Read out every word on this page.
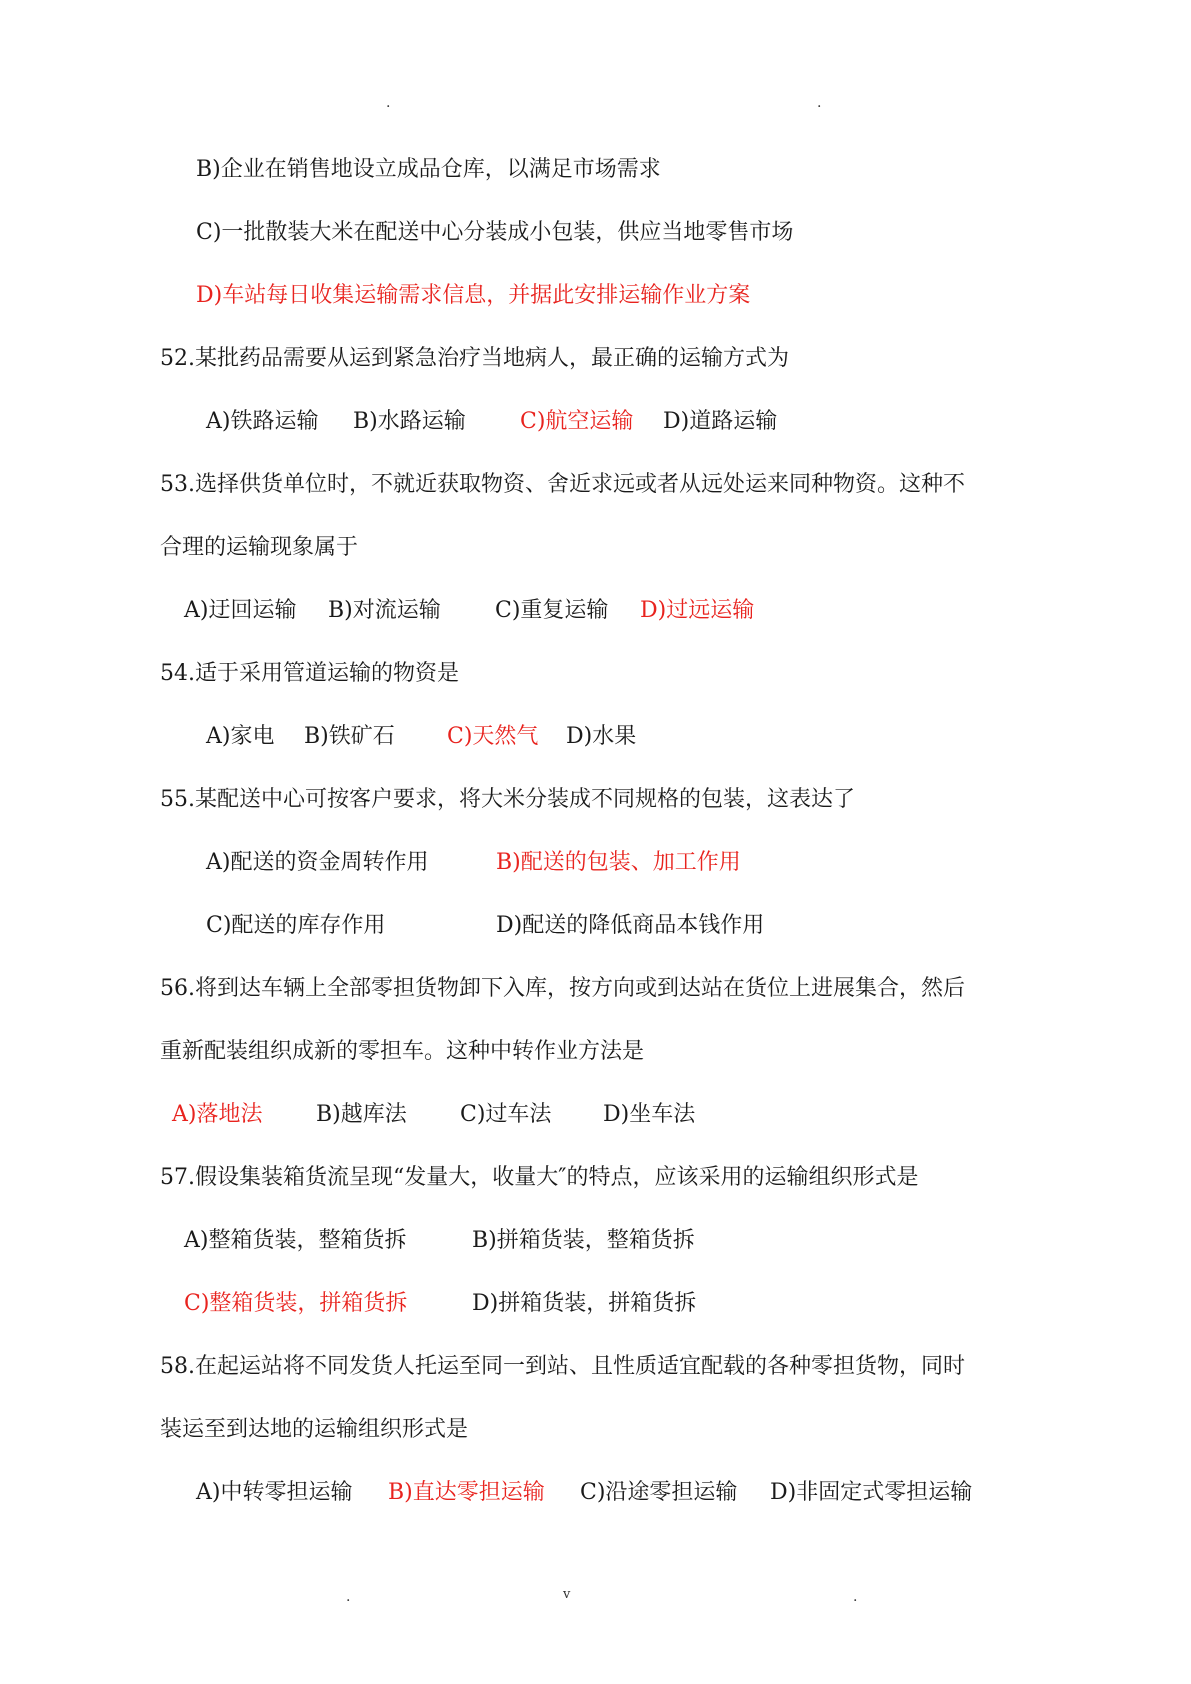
.	.
B)企业在销售地设立成品仓库，以满足市场需求
C)一批散装大米在配送中心分装成小包装，供应当地零售市场
D)车站每日收集运输需求信息，并据此安排运输作业方案
52.某批药品需要从运到紧急治疗当地病人，最正确的运输方式为
A)铁路运输 B)水路运输 C)航空运输 D)道路运输
53.选择供货单位时，不就近获取物资、舍近求远或者从远处运来同种物资。这种不
合理的运输现象属于
A)迂回运输 B)对流运输 C)重复运输 D)过远运输
54.适于采用管道运输的物资是
A)家电 B)铁矿石 C)天然气 D)水果
55.某配送中心可按客户要求，将大米分装成不同规格的包装，这表达了
A)配送的资金周转作用	B)配送的包装、加工作用
C)配送的库存作用	D)配送的降低商品本钱作用
56.将到达车辆上全部零担货物卸下入库，按方向或到达站在货位上进展集合，然后
重新配装组织成新的零担车。这种中转作业方法是
A)落地法 B)越库法 C)过车法 D)坐车法
57.假设集装箱货流呈现“发量大，收量大″的特点，应该采用的运输组织形式是
A)整箱货装，整箱货拆	B)拼箱货装，整箱货拆
C)整箱货装，拼箱货拆	D)拼箱货装，拼箱货拆
58.在起运站将不同发货人托运至同一到站、且性质适宜配载的各种零担货物，同时
装运至到达地的运输组织形式是
A)中转零担运输 B)直达零担运输 C)沿途零担运输 D)非固定式零担运输
.	v	.
